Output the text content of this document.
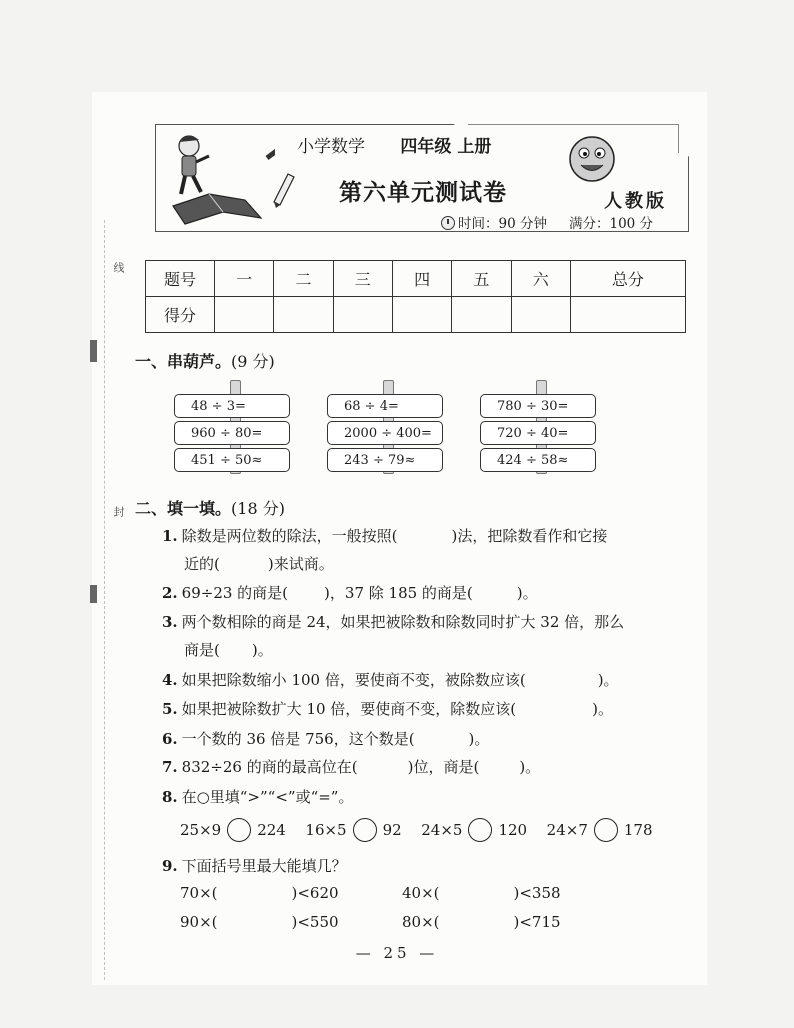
线
封
小学数学 四年级 上册
第六单元测试卷	人教版
时间：90 分钟 满分：100 分
题号	一	二	三	四	五	六	总分
得分							
一、串葫芦。(9 分)
48 ÷ 3=
960 ÷ 80=
451 ÷ 50≈
68 ÷ 4=
2000 ÷ 400=
243 ÷ 79≈
780 ÷ 30=
720 ÷ 40=
424 ÷ 58≈
二、填一填。(18 分)
1. 除数是两位数的除法，一般按照(	)法，把除数看作和它接
近的(	)来试商。
2. 69÷23 的商是( )，37 除 185 的商是(	)。
3. 两个数相除的商是 24，如果把被除数和除数同时扩大 32 倍，那么
商是( )。
4. 如果把除数缩小 100 倍，要使商不变，被除数应该(	)。
5. 如果把被除数扩大 10 倍，要使商不变，除数应该(	)。
6. 一个数的 36 倍是 756，这个数是(	)。
7. 832÷26 的商的最高位在(	)位，商是(	)。
8. 在○里填“>”“<”或“=”。
25×9 224 16×5 92 24×5 120 24×7 178
9. 下面括号里最大能填几？
70×(	)<620	40×(	)<358
90×(	)<550	80×(	)<715
— 25 —
